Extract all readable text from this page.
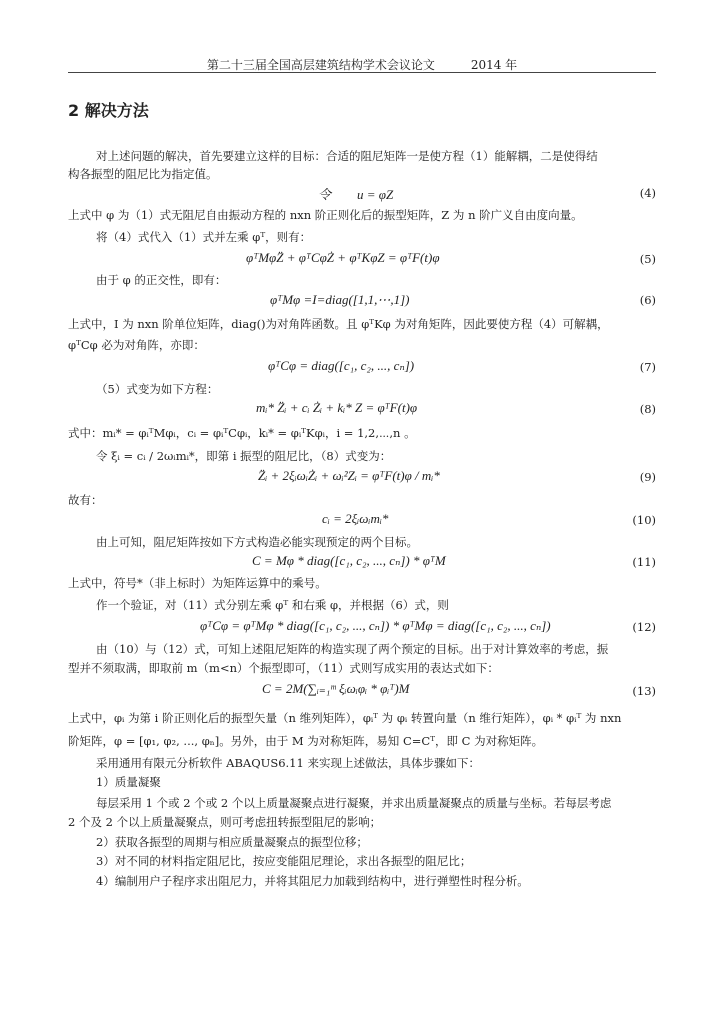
第二十三届全国高层建筑结构学术会议论文　　　2014 年
2 解决方法
对上述问题的解决，首先要建立这样的目标：合适的阻尼矩阵一是使方程（1）能解耦，二是使得结
构各振型的阻尼比为指定值。
令　　u = φZ	(4)
上式中 φ 为（1）式无阻尼自由振动方程的 nxn 阶正则化后的振型矩阵，Z 为 n 阶广义自由度向量。
将（4）式代入（1）式并左乘 φᵀ，则有：
φᵀMφZ̈ + φᵀCφŻ + φᵀKφZ = φᵀF(t)φ	(5)
由于 φ 的正交性，即有：
φᵀMφ =I=diag([1,1,⋯,1])	(6)
上式中，I 为 nxn 阶单位矩阵，diag()为对角阵函数。且 φᵀKφ 为对角矩阵，因此要使方程（4）可解耦，
φᵀCφ 必为对角阵，亦即：
φᵀCφ = diag([c₁, c₂, ..., cₙ])	(7)
（5）式变为如下方程：
mᵢ* Z̈ᵢ + cᵢ Żᵢ + kᵢ* Z = φᵀF(t)φ	(8)
式中：mᵢ* = φᵢᵀMφᵢ，cᵢ = φᵢᵀCφᵢ，kᵢ* = φᵢᵀKφᵢ，i = 1,2,⋯,n 。
令 ξᵢ = cᵢ / 2ωᵢmᵢ*，即第 i 振型的阻尼比，（8）式变为：
Z̈ᵢ + 2ξᵢωᵢŻᵢ + ωᵢ²Zᵢ = φᵀF(t)φ / mᵢ*	(9)
故有：
cᵢ = 2ξᵢωᵢmᵢ*	(10)
由上可知，阻尼矩阵按如下方式构造必能实现预定的两个目标。
C = Mφ * diag([c₁, c₂, ..., cₙ]) * φᵀM	(11)
上式中，符号*（非上标时）为矩阵运算中的乘号。
作一个验证，对（11）式分别左乘 φᵀ 和右乘 φ，并根据（6）式，则
φᵀCφ = φᵀMφ * diag([c₁, c₂, ..., cₙ]) * φᵀMφ = diag([c₁, c₂, ..., cₙ])	(12)
由（10）与（12）式，可知上述阻尼矩阵的构造实现了两个预定的目标。出于对计算效率的考虑，振
型并不须取满，即取前 m（m<n）个振型即可，（11）式则写成实用的表达式如下：
C = 2M(∑ᵢ₌₁ᵐ ξᵢωᵢφᵢ * φᵢᵀ)M	(13)
上式中，φᵢ 为第 i 阶正则化后的振型矢量（n 维列矩阵），φᵢᵀ 为 φᵢ 转置向量（n 维行矩阵），φᵢ * φᵢᵀ 为 nxn
阶矩阵，φ = [φ₁, φ₂, ..., φₙ]。另外，由于 M 为对称矩阵，易知 C=Cᵀ，即 C 为对称矩阵。
采用通用有限元分析软件 ABAQUS6.11 来实现上述做法，具体步骤如下：
1）质量凝聚
每层采用 1 个或 2 个或 2 个以上质量凝聚点进行凝聚，并求出质量凝聚点的质量与坐标。若每层考虑
2 个及 2 个以上质量凝聚点，则可考虑扭转振型阻尼的影响；
2）获取各振型的周期与相应质量凝聚点的振型位移；
3）对不同的材料指定阻尼比，按应变能阻尼理论，求出各振型的阻尼比；
4）编制用户子程序求出阻尼力，并将其阻尼力加载到结构中，进行弹塑性时程分析。
